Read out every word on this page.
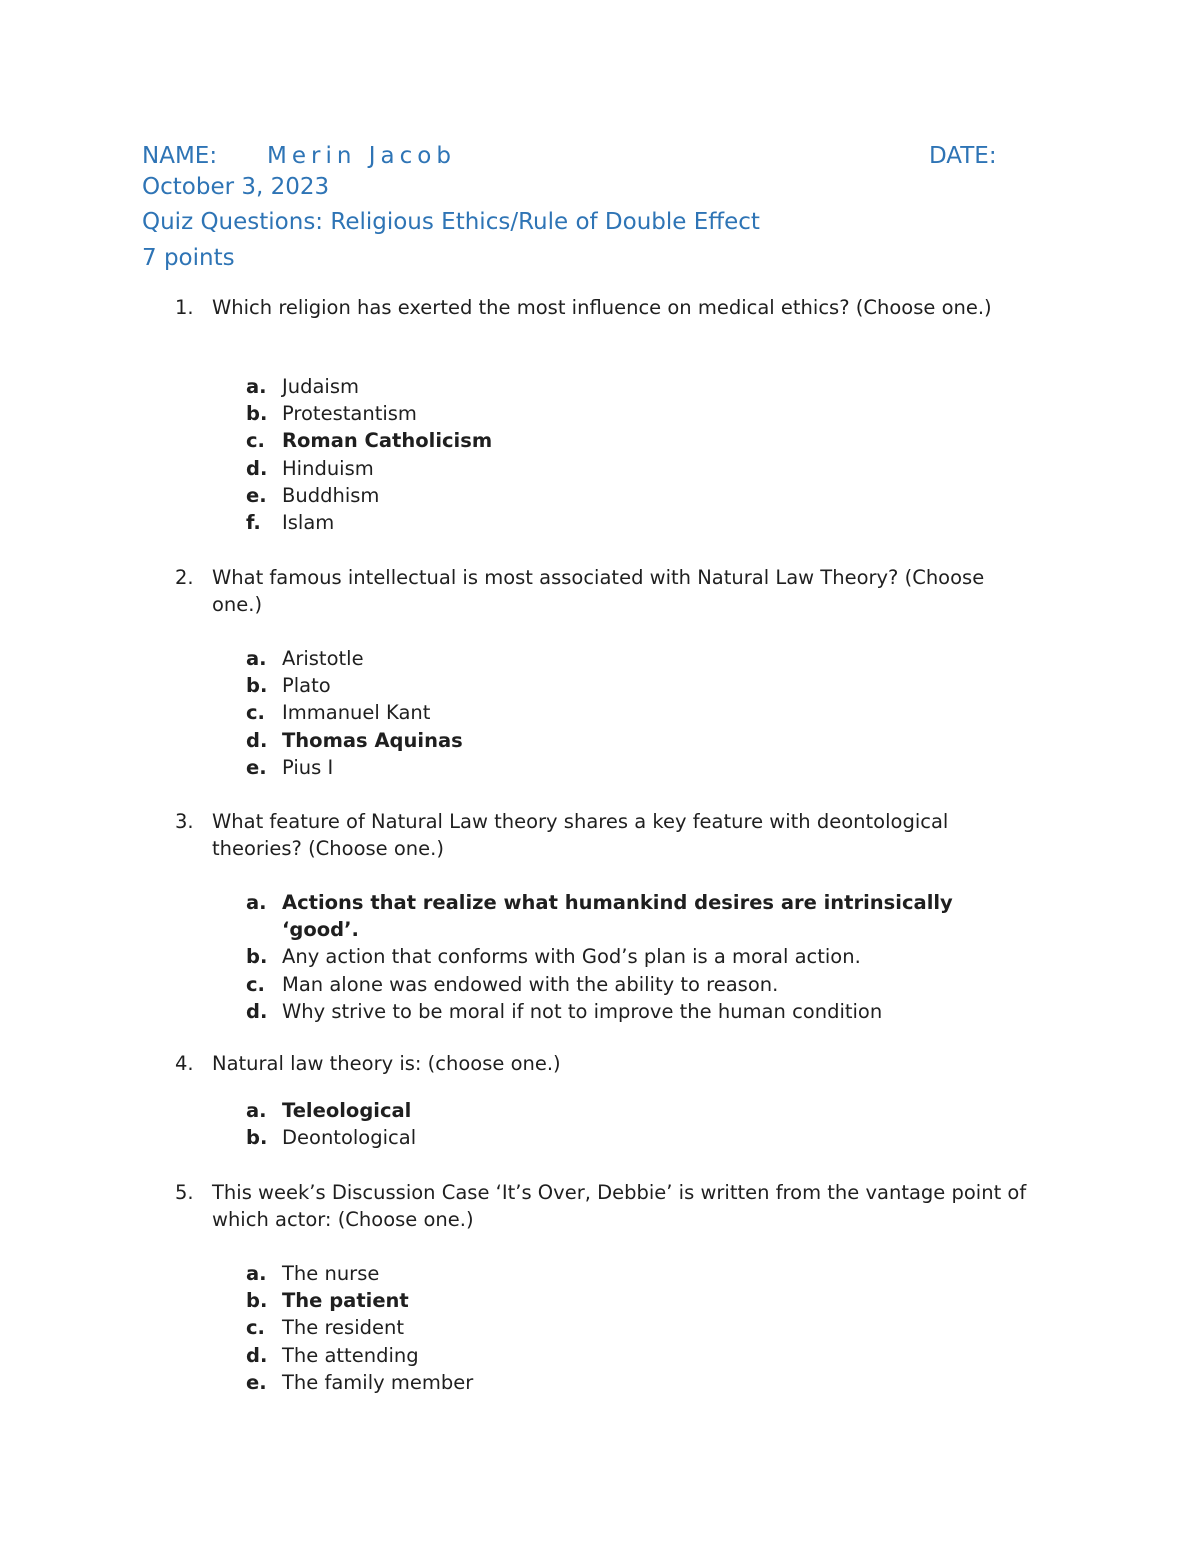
NAME: Merin Jacob	DATE:
October 3, 2023
Quiz Questions: Religious Ethics/Rule of Double Effect
7 points
1. Which religion has exerted the most influence on medical ethics? (Choose one.)
a. Judaism
b. Protestantism
c. Roman Catholicism
d. Hinduism
e. Buddhism
f. Islam
2. What famous intellectual is most associated with Natural Law Theory? (Choose one.)
a. Aristotle
b. Plato
c. Immanuel Kant
d. Thomas Aquinas
e. Pius I
3. What feature of Natural Law theory shares a key feature with deontological theories? (Choose one.)
a. Actions that realize what humankind desires are intrinsically ‘good’.
b. Any action that conforms with God’s plan is a moral action.
c. Man alone was endowed with the ability to reason.
d. Why strive to be moral if not to improve the human condition
4. Natural law theory is: (choose one.)
a. Teleological
b. Deontological
5. This week’s Discussion Case ‘It’s Over, Debbie’ is written from the vantage point of which actor: (Choose one.)
a. The nurse
b. The patient
c. The resident
d. The attending
e. The family member
